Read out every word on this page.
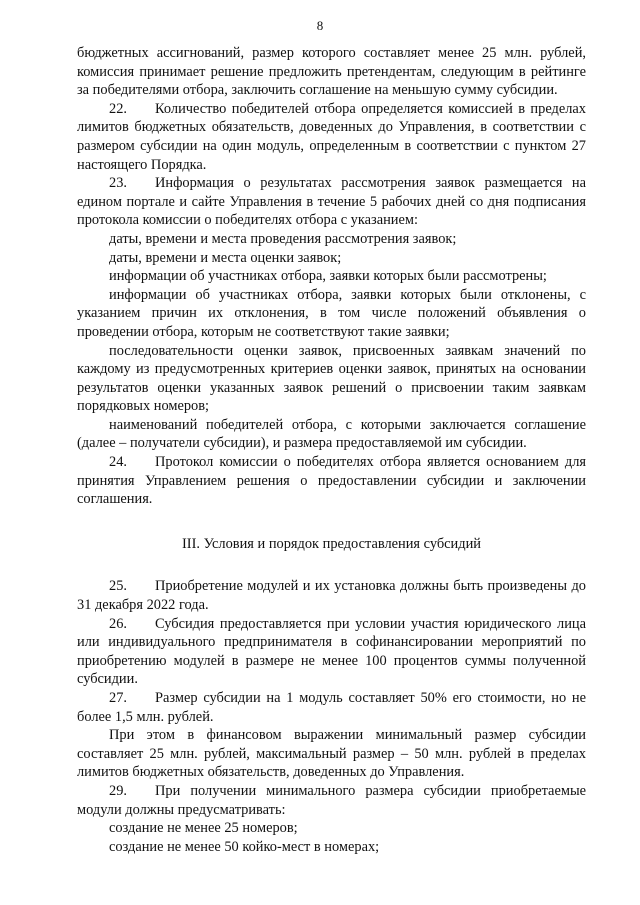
8

бюджетных ассигнований, размер которого составляет менее 25 млн. рублей, комиссия принимает решение предложить претендентам, следующим в рейтинге за победителями отбора, заключить соглашение на меньшую сумму субсидии.

22. Количество победителей отбора определяется комиссией в пределах лимитов бюджетных обязательств, доведенных до Управления, в соответствии с размером субсидии на один модуль, определенным в соответствии с пунктом 27 настоящего Порядка.

23. Информация о результатах рассмотрения заявок размещается на едином портале и сайте Управления в течение 5 рабочих дней со дня подписания протокола комиссии о победителях отбора с указанием:

даты, времени и места проведения рассмотрения заявок;

даты, времени и места оценки заявок;

информации об участниках отбора, заявки которых были рассмотрены;

информации об участниках отбора, заявки которых были отклонены, с указанием причин их отклонения, в том числе положений объявления о проведении отбора, которым не соответствуют такие заявки;

последовательности оценки заявок, присвоенных заявкам значений по каждому из предусмотренных критериев оценки заявок, принятых на основании результатов оценки указанных заявок решений о присвоении таким заявкам порядковых номеров;

наименований победителей отбора, с которыми заключается соглашение (далее – получатели субсидии), и размера предоставляемой им субсидии.

24. Протокол комиссии о победителях отбора является основанием для принятия Управлением решения о предоставлении субсидии и заключении соглашения.

III. Условия и порядок предоставления субсидий

25. Приобретение модулей и их установка должны быть произведены до 31 декабря 2022 года.

26. Субсидия предоставляется при условии участия юридического лица или индивидуального предпринимателя в софинансировании мероприятий по приобретению модулей в размере не менее 100 процентов суммы полученной субсидии.

27. Размер субсидии на 1 модуль составляет 50% его стоимости, но не более 1,5 млн. рублей.

При этом в финансовом выражении минимальный размер субсидии составляет 25 млн. рублей, максимальный размер – 50 млн. рублей в пределах лимитов бюджетных обязательств, доведенных до Управления.

29. При получении минимального размера субсидии приобретаемые модули должны предусматривать:

создание не менее 25 номеров;

создание не менее 50 койко-мест в номерах;
